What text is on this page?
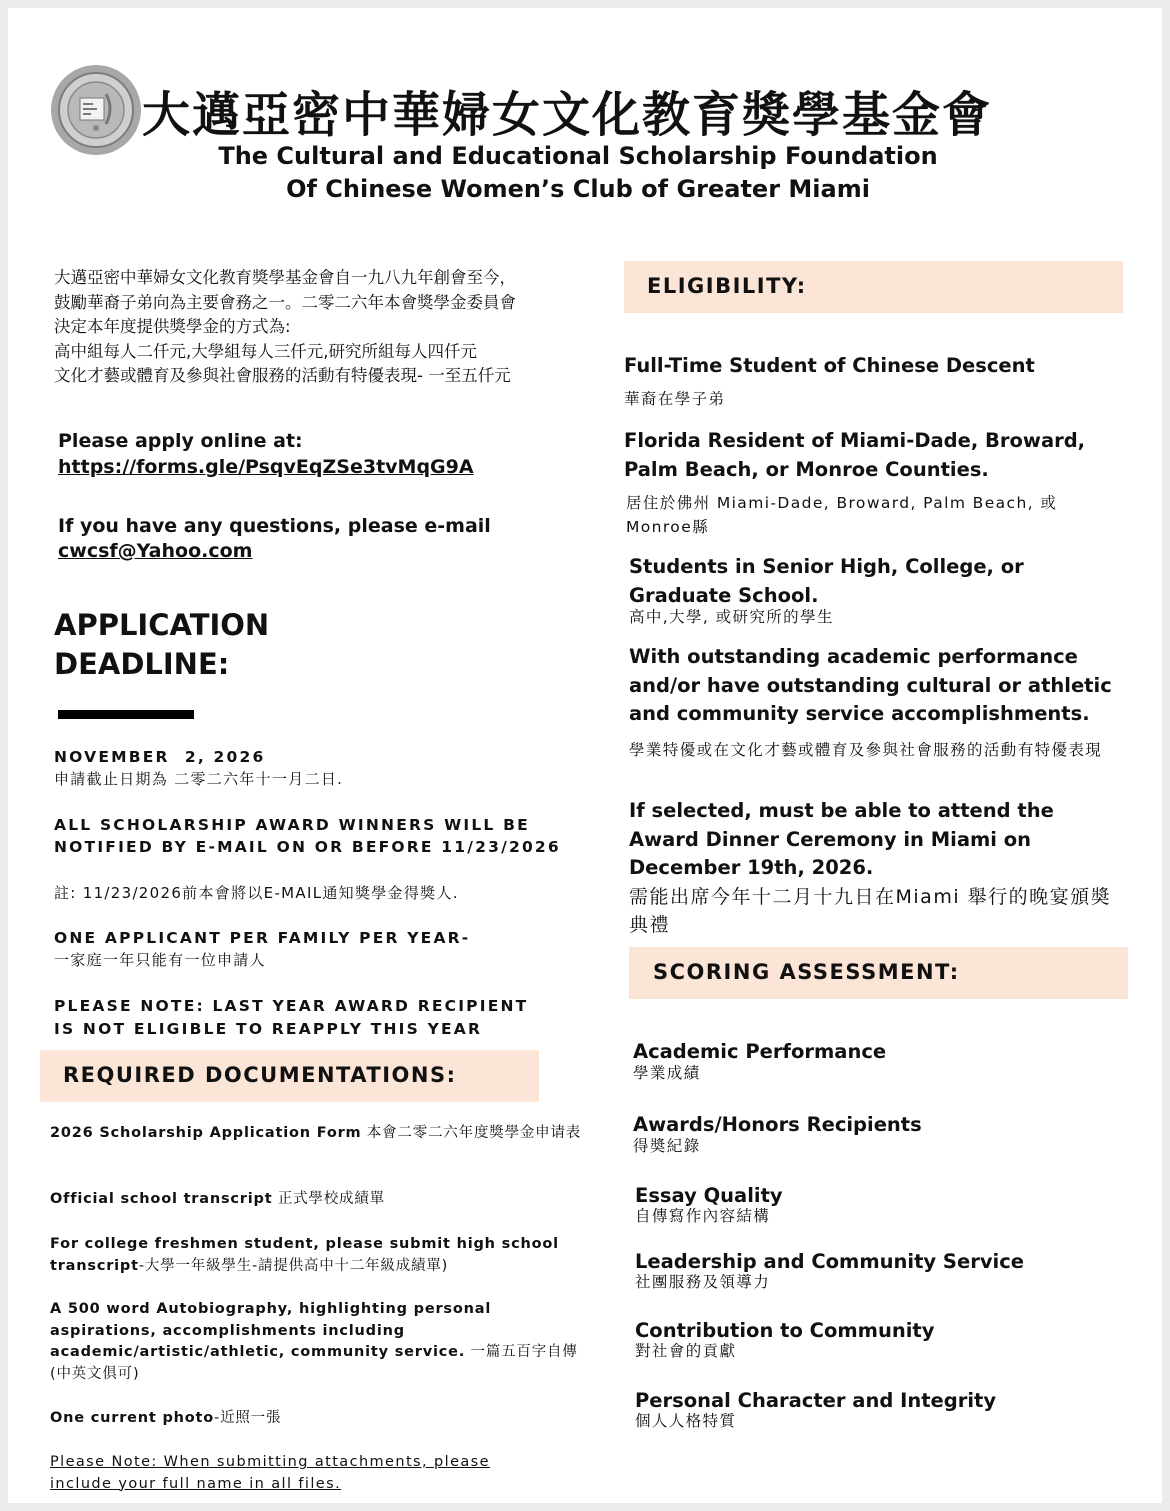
大邁亞密中華婦女文化教育獎學基金會
The Cultural and Educational Scholarship Foundation
Of Chinese Women’s Club of Greater Miami
大邁亞密中華婦女文化教育獎學基金會自一九八九年創會至今，
鼓勵華裔子弟向為主要會務之一。二零二六年本會獎學金委員會
決定本年度提供獎學金的方式為:
高中組每人二仟元,大學組每人三仟元,研究所組每人四仟元
文化才藝或體育及參與社會服務的活動有特優表現- 一至五仟元
Please apply online at:
https://forms.gle/PsqvEqZSe3tvMqG9A
If you have any questions, please e-mail
cwcsf@Yahoo.com
APPLICATION
DEADLINE:
NOVEMBER  2, 2026
申請截止日期為 二零二六年十一月二日.
ALL SCHOLARSHIP AWARD WINNERS WILL BE
NOTIFIED BY E-MAIL ON OR BEFORE 11/23/2026
註: 11/23/2026前本會將以E-MAIL通知獎學金得獎人.
ONE APPLICANT PER FAMILY PER YEAR-
一家庭一年只能有一位申請人
PLEASE NOTE: LAST YEAR AWARD RECIPIENT
IS NOT ELIGIBLE TO REAPPLY THIS YEAR
REQUIRED DOCUMENTATIONS:
2026 Scholarship Application Form 本會二零二六年度獎學金申请表
Official school transcript 正式學校成績單
For college freshmen student, please submit high school transcript-大學一年級學生-請提供高中十二年級成績單)
A 500 word Autobiography, highlighting personal aspirations, accomplishments including academic/artistic/athletic, community service. 一篇五百字自傳(中英文俱可)
One current photo-近照一張
Please Note: When submitting attachments, please include your full name in all files.
ELIGIBILITY:
Full-Time Student of Chinese Descent
華裔在學子弟
Florida Resident of Miami-Dade, Broward, Palm Beach, or Monroe Counties.
居住於佛州 Miami-Dade, Broward, Palm Beach, 或 Monroe縣
Students in Senior High, College, or Graduate School.
高中,大學, 或研究所的學生
With outstanding academic performance and/or have outstanding cultural or athletic and community service accomplishments.
學業特優或在文化才藝或體育及參與社會服務的活動有特優表現
If selected, must be able to attend the Award Dinner Ceremony in Miami on December 19th, 2026.
需能出席今年十二月十九日在Miami 舉行的晚宴頒奬典禮
SCORING ASSESSMENT:
Academic Performance
學業成績
Awards/Honors Recipients
得奬紀錄
Essay Quality
自傳寫作內容結構
Leadership and Community Service
社團服務及領導力
Contribution to Community
對社會的貢獻
Personal Character and Integrity
個人人格特質
